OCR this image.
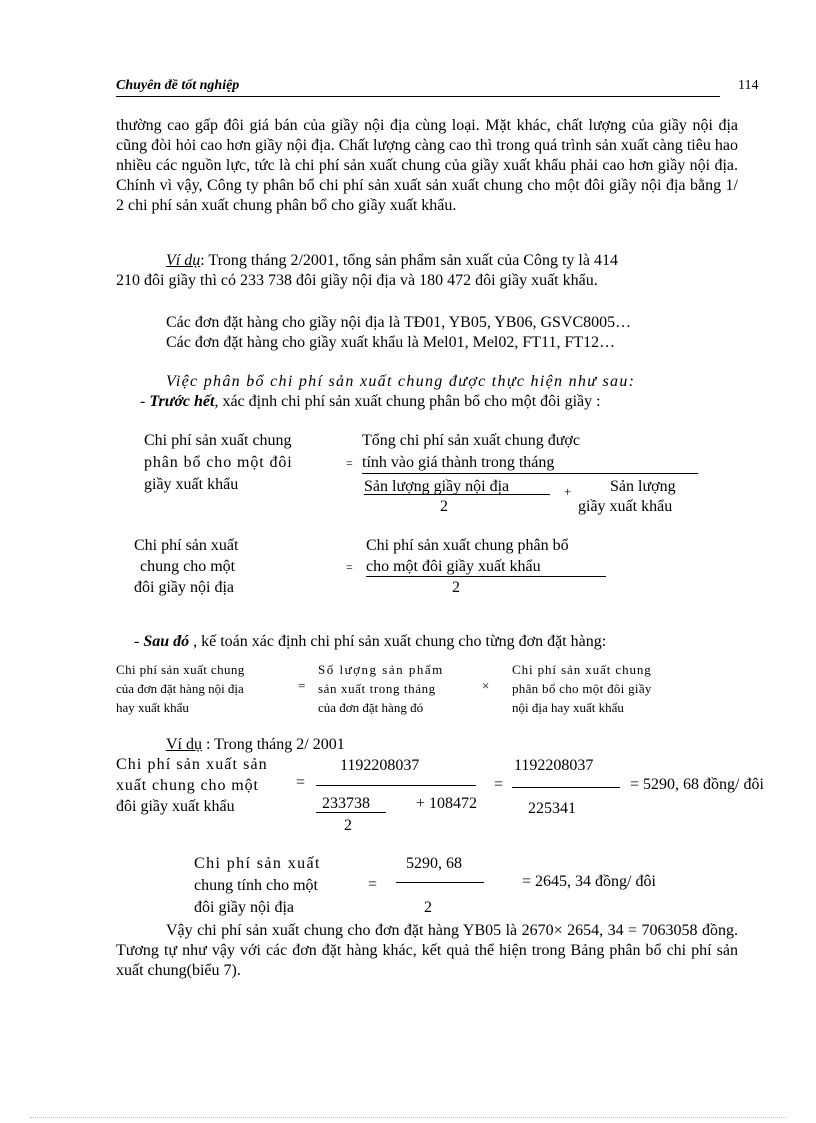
Chuyên đề tốt nghiệp	114
thường cao gấp đôi giá bán của giầy nội địa cùng loại. Mặt khác, chất lượng của giầy nội địa cũng đòi hỏi cao hơn giầy nội địa. Chất lượng càng cao thì trong quá trình sản xuất càng tiêu hao nhiều các nguồn lực, tức là chi phí sản xuất chung của giầy xuất khẩu phải cao hơn giầy nội địa. Chính vì vậy, Công ty phân bổ chi phí sản xuất sản xuất chung cho một đôi giầy nội địa bằng 1/ 2 chi phí sản xuất chung phân bổ cho giầy xuất khẩu.
Ví dụ: Trong tháng 2/2001, tổng sản phẩm sản xuất của Công ty là 414
210 đôi giầy thì có 233 738 đôi giầy nội địa và 180 472 đôi giầy xuất khẩu.
Các đơn đặt hàng cho giầy nội địa là TĐ01, YB05, YB06, GSVC8005…
Các đơn đặt hàng cho giầy xuất khẩu là Mel01, Mel02, FT11, FT12…
Việc phân bổ chi phí sản xuất chung được thực hiện như sau:
- Trước hết, xác định chi phí sản xuất chung phân bổ cho một đôi giầy :
Chi phí sản xuất chung
phân bổ cho một đôi
giầy xuất khẩu
=
Tổng chi phí sản xuất chung được
tính vào giá thành trong tháng
Sản lượng giầy nội địa
2
+ Sản lượng
giầy xuất khẩu
Chi phí sản xuất
chung cho một
đôi giầy nội địa
=
Chi phí sản xuất chung phân bổ
cho một đôi giầy xuất khẩu
2
- Sau đó , kế toán xác định chi phí sản xuất chung cho từng đơn đặt hàng:
Chi phí sản xuất chung
của đơn đặt hàng nội địa
hay xuất khẩu
=
Số lượng sản phẩm
sản xuất trong tháng
của đơn đặt hàng đó
×
Chi phí sản xuất chung
phân bổ cho một đôi giầy
nội địa hay xuất khẩu
Ví dụ : Trong tháng 2/ 2001
Chi phí sản xuất sản
xuất chung cho một
đôi giầy xuất khẩu
=
1192208037
233738
2
+ 108472
=
1192208037
225341
= 5290, 68 đồng/ đôi
Chi phí sản xuất
chung tính cho một
đôi giầy nội địa
=
5290, 68
2
= 2645, 34 đồng/ đôi
Vậy chi phí sản xuất chung cho đơn đặt hàng YB05 là 2670× 2654, 34 = 7063058 đồng. Tương tự như vậy với các đơn đặt hàng khác, kết quả thể hiện trong Bảng phân bổ chi phí sản xuất chung(biểu 7).
